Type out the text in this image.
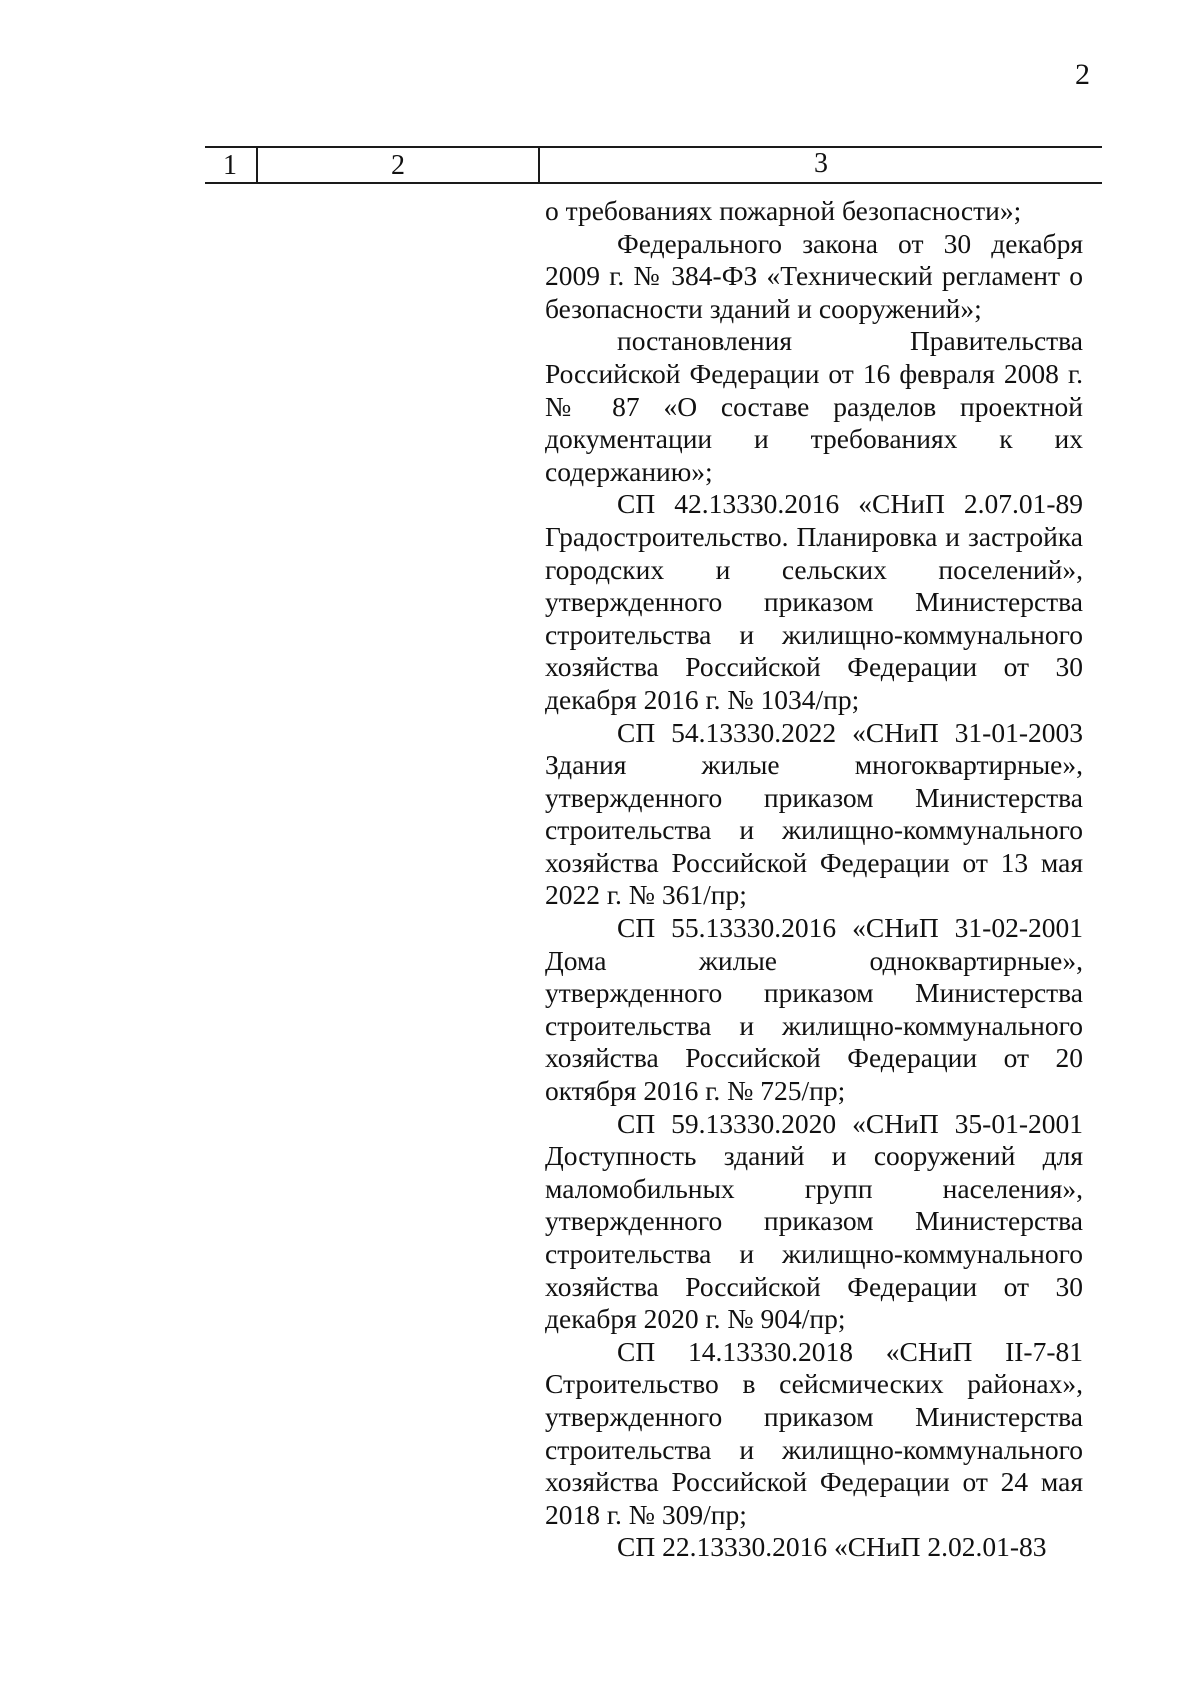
2
1	2	3

о требованиях пожарной безопасности»;

Федерального закона от 30 декабря 2009 г. № 384-ФЗ «Технический регламент о безопасности зданий и сооружений»;

постановления Правительства Российской Федерации от 16 февраля 2008 г. № 87 «О составе разделов проектной документации и требованиях к их содержанию»;

СП 42.13330.2016 «СНиП 2.07.01-89 Градостроительство. Планировка и застройка городских и сельских поселений», утвержденного приказом Министерства строительства и жилищно-коммунального хозяйства Российской Федерации от 30 декабря 2016 г. № 1034/пр;

СП 54.13330.2022 «СНиП 31-01-2003 Здания жилые многоквартирные», утвержденного приказом Министерства строительства и жилищно-коммунального хозяйства Российской Федерации от 13 мая 2022 г. № 361/пр;

СП 55.13330.2016 «СНиП 31-02-2001 Дома жилые одноквартирные», утвержденного приказом Министерства строительства и жилищно-коммунального хозяйства Российской Федерации от 20 октября 2016 г. № 725/пр;

СП 59.13330.2020 «СНиП 35-01-2001 Доступность зданий и сооружений для маломобильных групп населения», утвержденного приказом Министерства строительства и жилищно-коммунального хозяйства Российской Федерации от 30 декабря 2020 г. № 904/пр;

СП 14.13330.2018 «СНиП II-7-81 Строительство в сейсмических районах», утвержденного приказом Министерства строительства и жилищно-коммунального хозяйства Российской Федерации от 24 мая 2018 г. № 309/пр;

СП 22.13330.2016 «СНиП 2.02.01-83
